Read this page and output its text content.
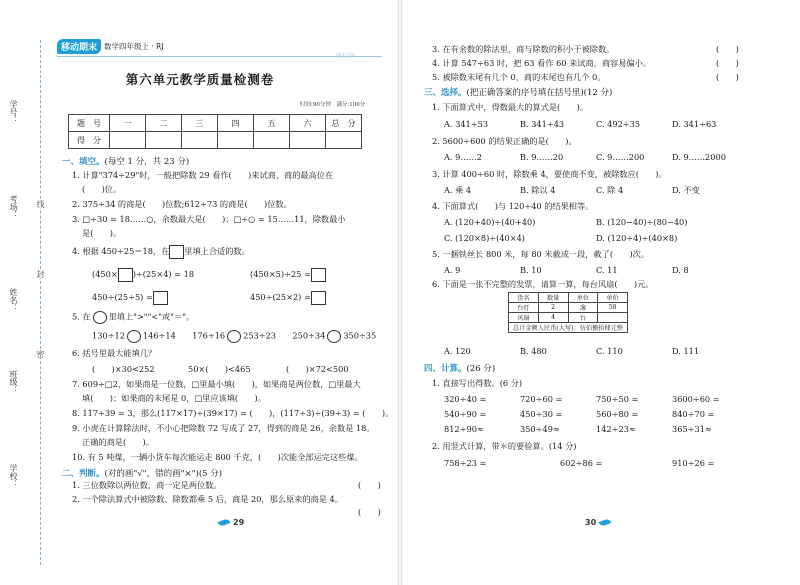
学号：
考场：
姓名：
班级：
学校：
线
封
密
移动期末 数学四年级上 · RJ
期末达标
第六单元教学质量检测卷
时间:90分钟　满分:100分
题　号	一	二	三	四	五	六	总　分
得　分							
一、填空。(每空 1 分，共 23 分)
1. 计算"374÷29"时，一般把除数 29 看作(　　)来试商，商的最高位在
(　　)位。
2. 375÷34 的商是(　　)位数;612÷73 的商是(　　)位数。
3. □÷30 = 18……○，余数最大是(　　)；□÷○ = 15……11，除数最小
是(　　)。
4. 根据 450÷25＝18，在 里填上合适的数。
(450× )÷(25×4) = 18	(450×5)÷25 =
450÷(25÷5) =	450÷(25×2) =
5. 在 里填上">""<"或"＝"。
130÷12 146÷14　　 176÷16 253÷23　　 250÷34 350÷35
6. 括号里最大能填几？
(　　)×30<252	50×(　　)<465	(　　)×72<500
7. 609÷□2，如果商是一位数，□里最小填(　　)，如果商是两位数，□里最大
填(　　)；如果商的末尾是 0，□里应该填(　　)。
8. 117÷39 = 3，那么(117×17)÷(39×17) = (　　)，(117÷3)÷(39÷3) = (　　)。
9. 小虎在计算除法时，不小心把除数 72 写成了 27，得到的商是 26，余数是 18。
正确的商是(　　)。
10. 有 5 吨煤，一辆小货车每次能运走 800 千克，(　　)次能全部运完这些煤。
二、判断。(对的画"√"，错的画"×")(5 分)
1. 三位数除以两位数，商一定是两位数。	(　　)
2. 一个除法算式中被除数、除数都乘 5 后，商是 20，那么原来的商是 4。
(　　)
29
3. 在有余数的除法里，商与除数的积小于被除数。	(　　)
4. 计算 547÷63 时，把 63 看作 60 来试商，商容易偏小。	(　　)
5. 被除数末尾有几个 0，商的末尾也有几个 0。	(　　)
三、选择。(把正确答案的序号填在括号里)(12 分)
1. 下面算式中，得数最大的算式是(　　)。
A. 341÷53	B. 341÷43	C. 492÷35	D. 341÷63
2. 5600÷600 的结果正确的是(　　)。
A. 9……2	B. 9……20	C. 9……200	D. 9……2000
3. 计算 400÷60 时，除数乘 4，要使商不变，被除数应(　　)。
A. 乘 4	B. 除以 4	C. 除 4	D. 不变
4. 下面算式(　　)与 120÷40 的结果相等。
A. (120+40)÷(40+40)	B. (120−40)÷(80−40)
C. (120×8)÷(40×4)	D. (120÷4)÷(40×8)
5. 一捆铁丝长 800 米，每 80 米截成一段，截了(　　)次。
A. 9	B. 10	C. 11	D. 8
6. 下面是一张不完整的发票，请算一算，每台风扇(　　)元。
货名	数量	单位	单价
台灯	2	盏	58
风扇	4	台	
总计金额人民币(大写)：伍佰捌拾肆元整			
A. 120	B. 480	C. 110	D. 111
四、计算。(26 分)
1. 直接写出得数。(6 分)
320÷40 =	720÷60 =	750÷50 =	3600÷60 =
540÷90 =	450÷30 =	560÷80 =	840÷70 =
812÷90≈	350÷49≈	142÷23≈	365÷31≈
2. 用竖式计算，带＊的要验算。(14 分)
758÷23 =	602÷86 =	910÷26 =
30
